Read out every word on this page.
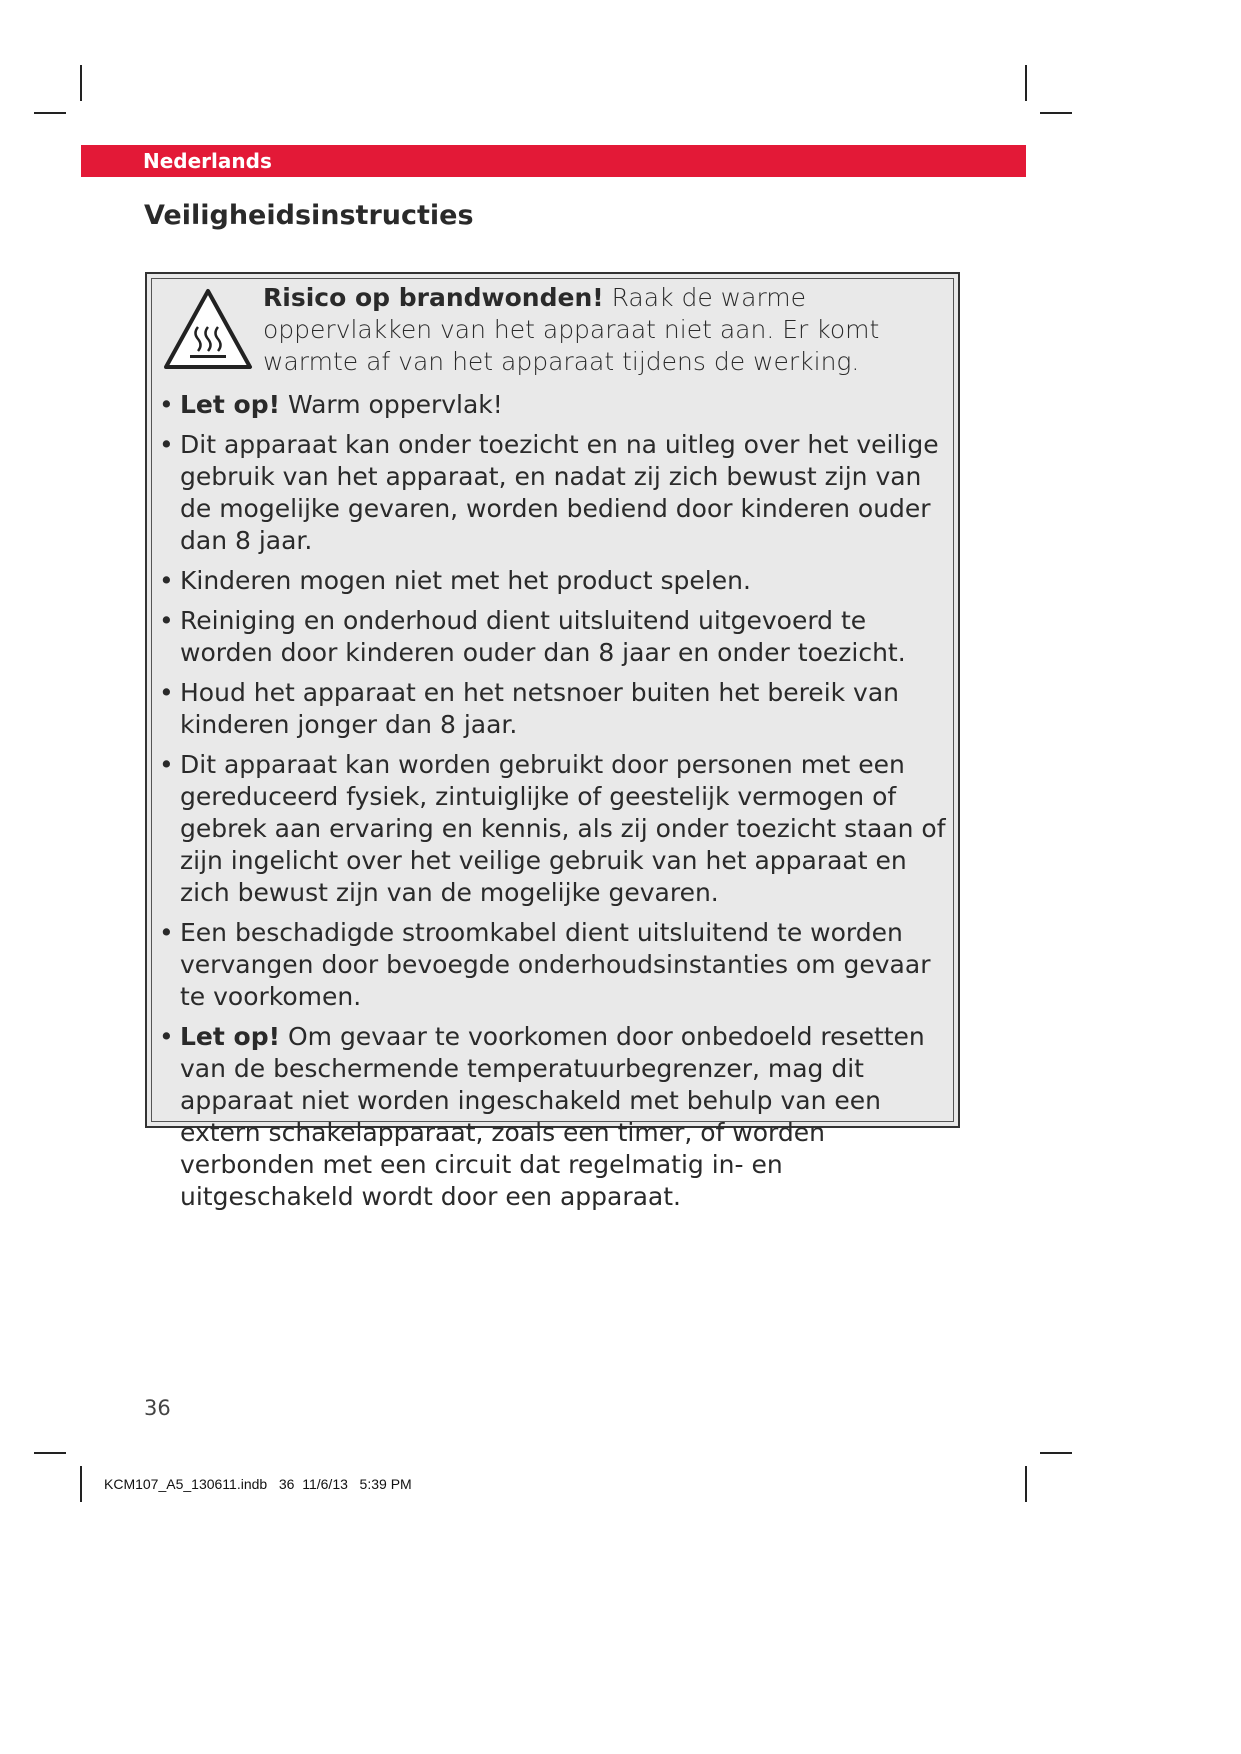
Nederlands
Veiligheidsinstructies
Risico op brandwonden! Raak de warme oppervlakken van het apparaat niet aan. Er komt warmte af van het apparaat tijdens de werking.
• Let op! Warm oppervlak!
• Dit apparaat kan onder toezicht en na uitleg over het veilige gebruik van het apparaat, en nadat zij zich bewust zijn van de mogelijke gevaren, worden bediend door kinderen ouder dan 8 jaar.
• Kinderen mogen niet met het product spelen.
• Reiniging en onderhoud dient uitsluitend uitgevoerd te worden door kinderen ouder dan 8 jaar en onder toezicht.
• Houd het apparaat en het netsnoer buiten het bereik van kinderen jonger dan 8 jaar.
• Dit apparaat kan worden gebruikt door personen met een gereduceerd fysiek, zintuiglijke of geestelijk vermogen of gebrek aan ervaring en kennis, als zij onder toezicht staan of zijn ingelicht over het veilige gebruik van het apparaat en zich bewust zijn van de mogelijke gevaren.
• Een beschadigde stroomkabel dient uitsluitend te worden vervangen door bevoegde onderhoudsinstanties om gevaar te voorkomen.
• Let op! Om gevaar te voorkomen door onbedoeld resetten van de beschermende temperatuurbegrenzer, mag dit apparaat niet worden ingeschakeld met behulp van een extern schakelapparaat, zoals een timer, of worden verbonden met een circuit dat regelmatig in- en uitgeschakeld wordt door een apparaat.
36
KCM107_A5_130611.indb   36  11/6/13   5:39 PM
